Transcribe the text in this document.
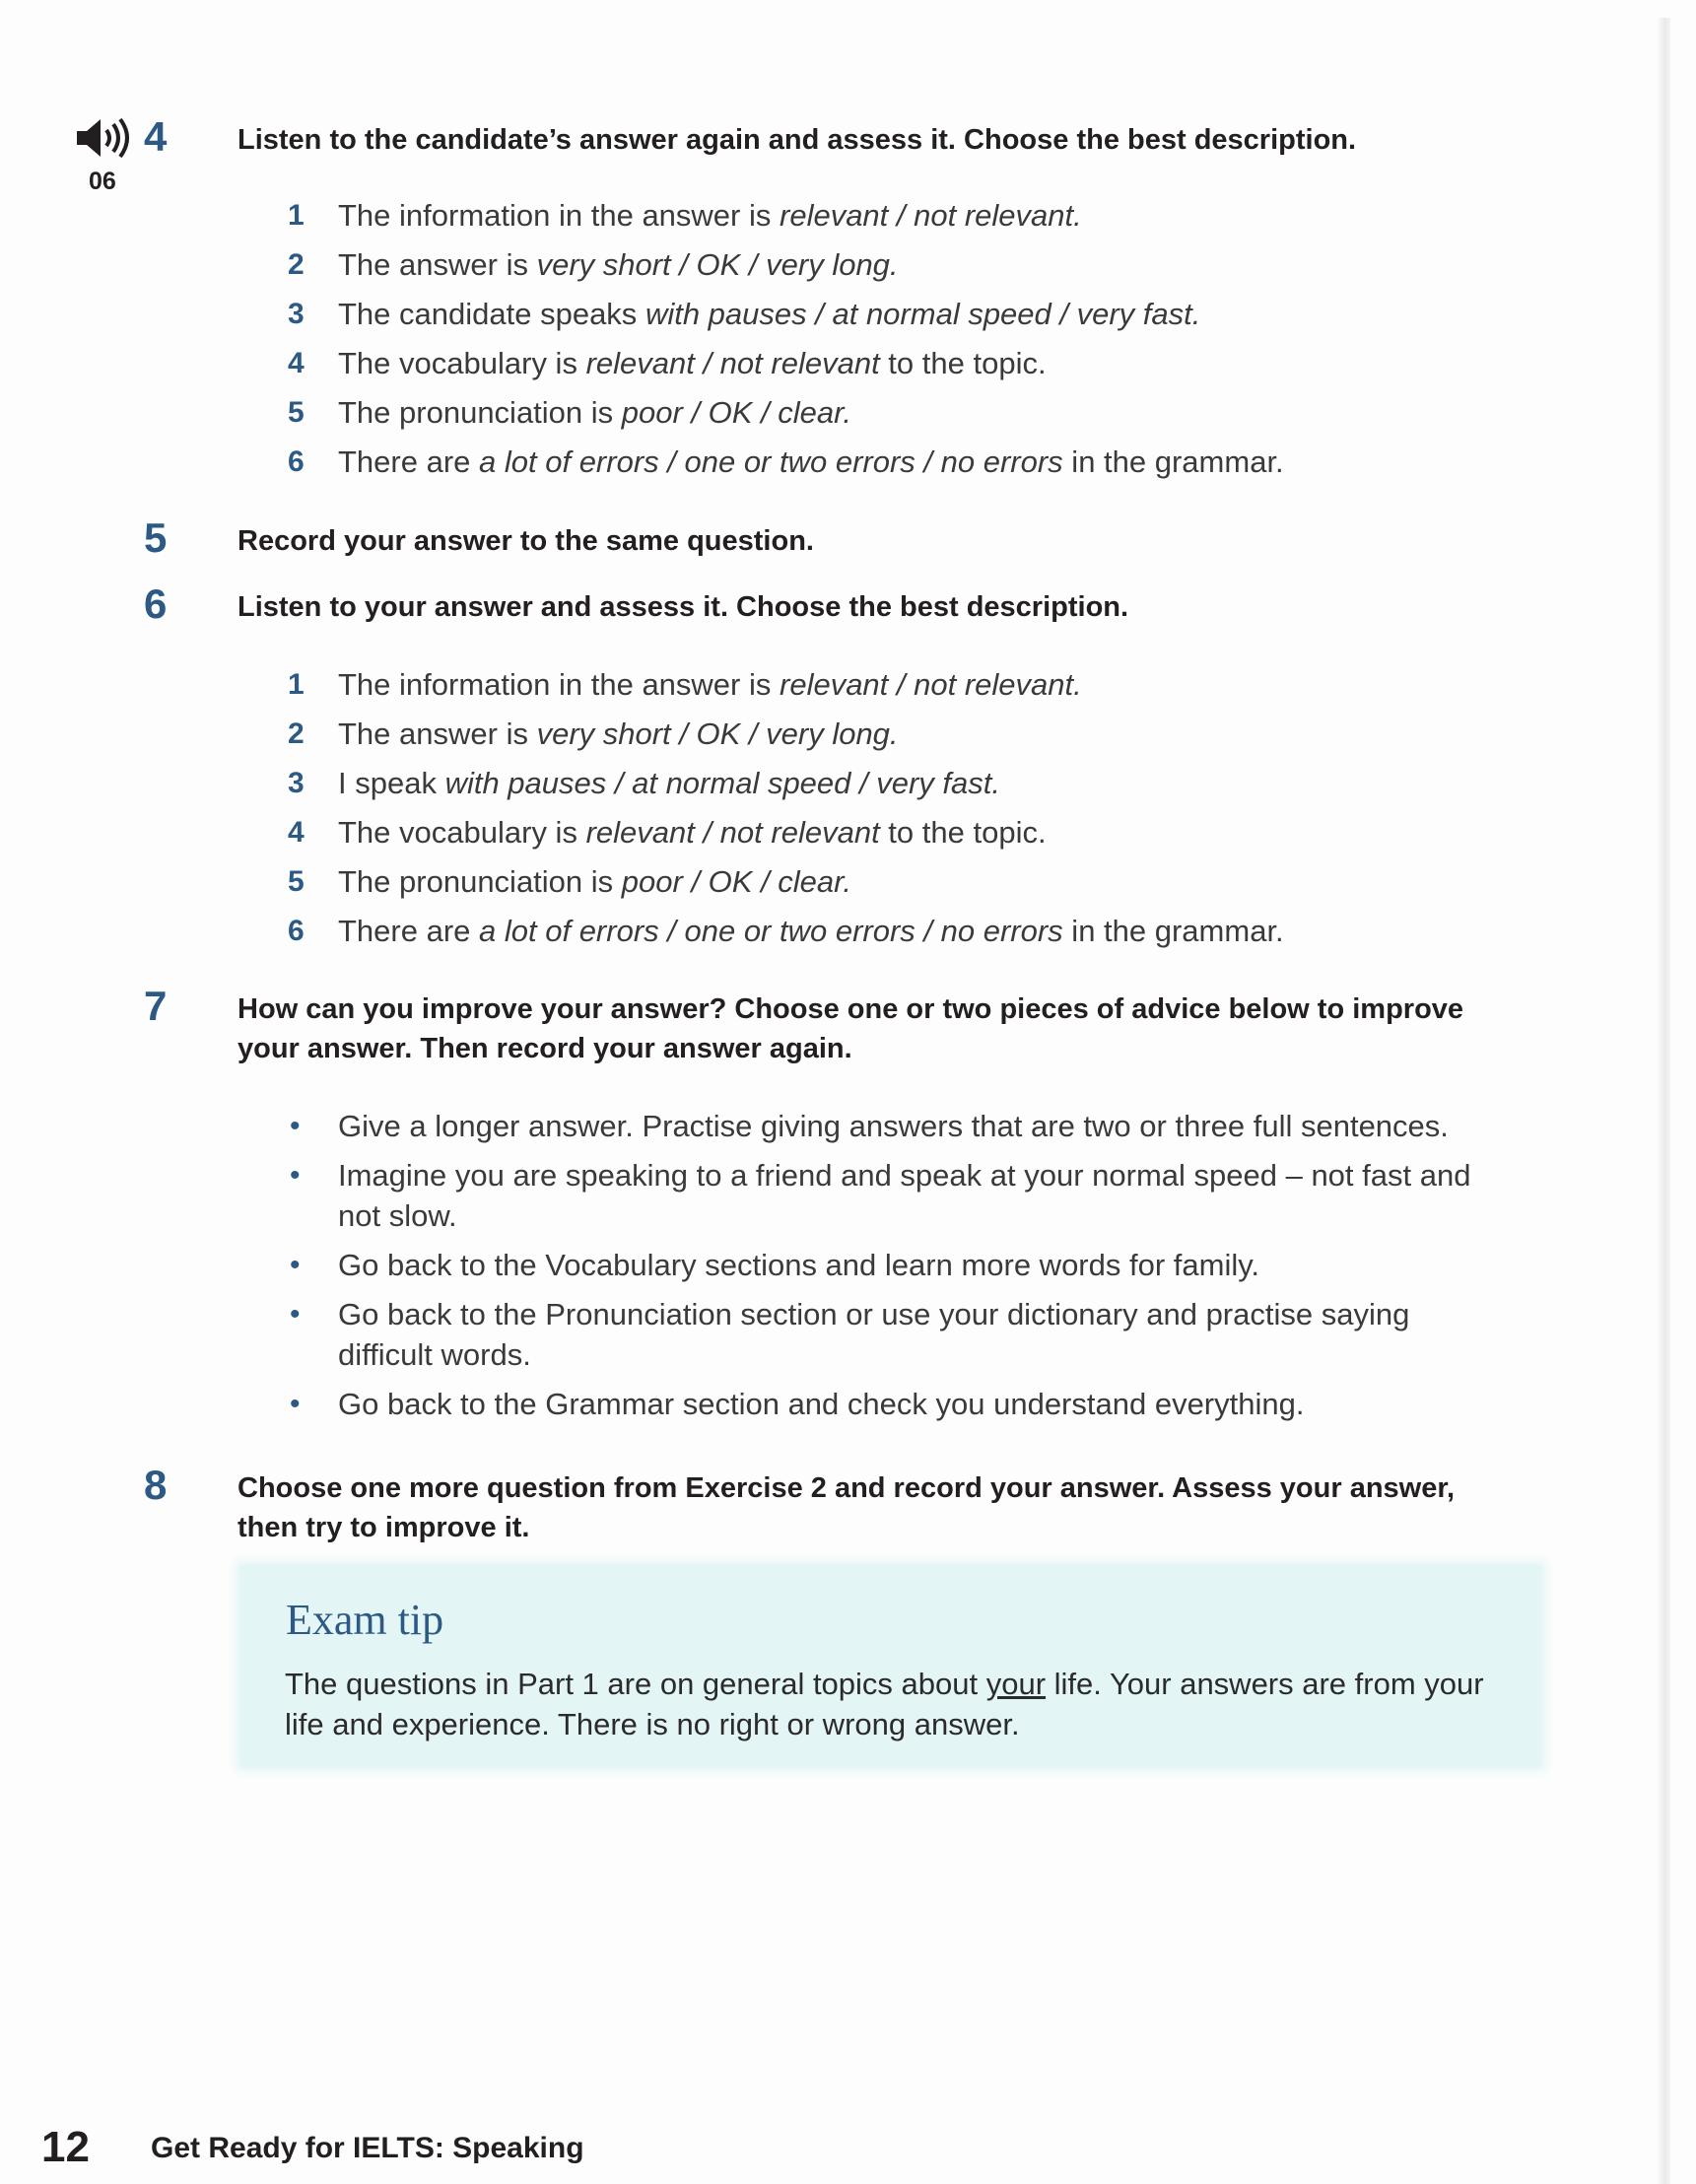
06
4 Listen to the candidate’s answer again and assess it. Choose the best description.
1	The information in the answer is relevant / not relevant.
2	The answer is very short / OK / very long.
3	The candidate speaks with pauses / at normal speed / very fast.
4	The vocabulary is relevant / not relevant to the topic.
5	The pronunciation is poor / OK / clear.
6	There are a lot of errors / one or two errors / no errors in the grammar.
5 Record your answer to the same question.
6 Listen to your answer and assess it. Choose the best description.
1	The information in the answer is relevant / not relevant.
2	The answer is very short / OK / very long.
3	I speak with pauses / at normal speed / very fast.
4	The vocabulary is relevant / not relevant to the topic.
5	The pronunciation is poor / OK / clear.
6	There are a lot of errors / one or two errors / no errors in the grammar.
7 How can you improve your answer? Choose one or two pieces of advice below to improve your answer. Then record your answer again.
• Give a longer answer. Practise giving answers that are two or three full sentences.
• Imagine you are speaking to a friend and speak at your normal speed – not fast and not slow.
• Go back to the Vocabulary sections and learn more words for family.
• Go back to the Pronunciation section or use your dictionary and practise saying difficult words.
• Go back to the Grammar section and check you understand everything.
8 Choose one more question from Exercise 2 and record your answer. Assess your answer, then try to improve it.
Exam tip

The questions in Part 1 are on general topics about your life. Your answers are from your life and experience. There is no right or wrong answer.

12 Get Ready for IELTS: Speaking
